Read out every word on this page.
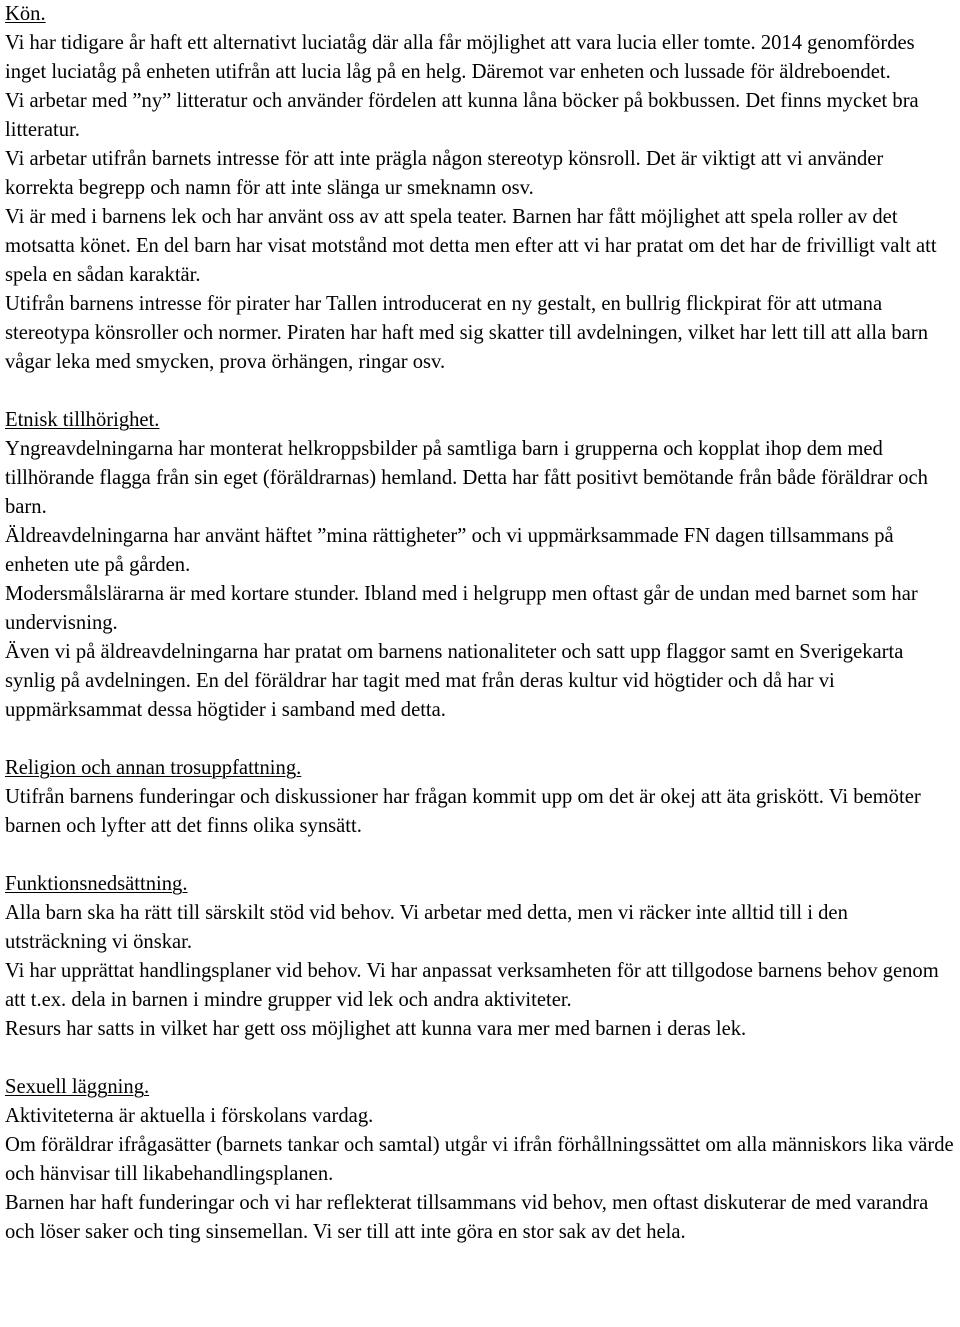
Kön.

Vi har tidigare år haft ett alternativt luciatåg där alla får möjlighet att vara lucia eller tomte. 2014 genomfördes inget luciatåg på enheten utifrån att lucia låg på en helg. Däremot var enheten och lussade för äldreboendet.

Vi arbetar med ”ny” litteratur och använder fördelen att kunna låna böcker på bokbussen. Det finns mycket bra litteratur.

Vi arbetar utifrån barnets intresse för att inte prägla någon stereotyp könsroll. Det är viktigt att vi använder korrekta begrepp och namn för att inte slänga ur smeknamn osv.

Vi är med i barnens lek och har använt oss av att spela teater. Barnen har fått möjlighet att spela roller av det motsatta könet. En del barn har visat motstånd mot detta men efter att vi har pratat om det har de frivilligt valt att spela en sådan karaktär.

Utifrån barnens intresse för pirater har Tallen introducerat en ny gestalt, en bullrig flickpirat för att utmana stereotypa könsroller och normer. Piraten har haft med sig skatter till avdelningen, vilket har lett till att alla barn vågar leka med smycken, prova örhängen, ringar osv.

Etnisk tillhörighet.

Yngreavdelningarna har monterat helkroppsbilder på samtliga barn i grupperna och kopplat ihop dem med tillhörande flagga från sin eget (föräldrarnas) hemland. Detta har fått positivt bemötande från både föräldrar och barn.

Äldreavdelningarna har använt häftet ”mina rättigheter” och vi uppmärksammade FN dagen tillsammans på enheten ute på gården.

Modersmålslärarna är med kortare stunder. Ibland med i helgrupp men oftast går de undan med barnet som har undervisning.

Även vi på äldreavdelningarna har pratat om barnens nationaliteter och satt upp flaggor samt en Sverigekarta synlig på avdelningen. En del föräldrar har tagit med mat från deras kultur vid högtider och då har vi uppmärksammat dessa högtider i samband med detta.

Religion och annan trosuppfattning.

Utifrån barnens funderingar och diskussioner har frågan kommit upp om det är okej att äta griskött. Vi bemöter barnen och lyfter att det finns olika synsätt.

Funktionsnedsättning.

Alla barn ska ha rätt till särskilt stöd vid behov. Vi arbetar med detta, men vi räcker inte alltid till i den utsträckning vi önskar.

Vi har upprättat handlingsplaner vid behov. Vi har anpassat verksamheten för att tillgodose barnens behov genom att t.ex. dela in barnen i mindre grupper vid lek och andra aktiviteter.

Resurs har satts in vilket har gett oss möjlighet att kunna vara mer med barnen i deras lek.

Sexuell läggning.

Aktiviteterna är aktuella i förskolans vardag.

Om föräldrar ifrågasätter (barnets tankar och samtal) utgår vi ifrån förhållningssättet om alla människors lika värde och hänvisar till likabehandlingsplanen.

Barnen har haft funderingar och vi har reflekterat tillsammans vid behov, men oftast diskuterar de med varandra och löser saker och ting sinsemellan. Vi ser till att inte göra en stor sak av det hela.
